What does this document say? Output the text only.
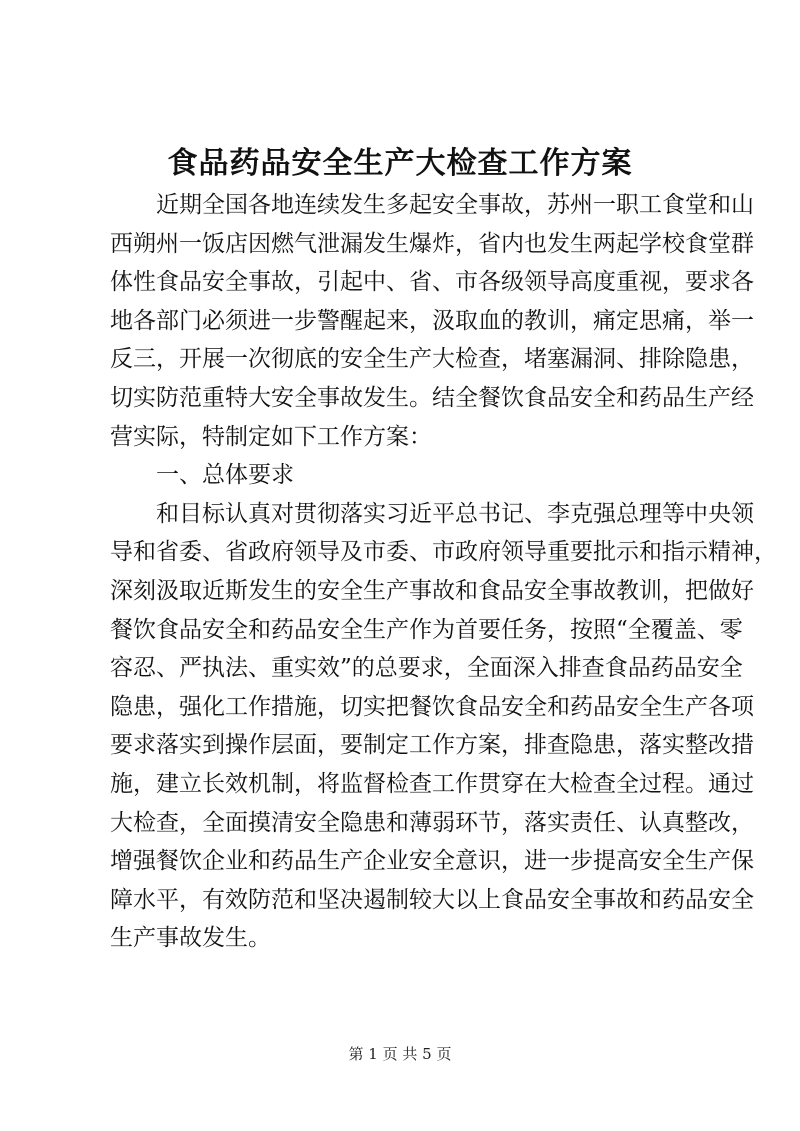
食品药品安全生产大检查工作方案
近期全国各地连续发生多起安全事故，苏州一职工食堂和山
西朔州一饭店因燃气泄漏发生爆炸，省内也发生两起学校食堂群
体性食品安全事故，引起中、省、市各级领导高度重视，要求各
地各部门必须进一步警醒起来，汲取血的教训，痛定思痛，举一
反三，开展一次彻底的安全生产大检查，堵塞漏洞、排除隐患，
切实防范重特大安全事故发生。结全餐饮食品安全和药品生产经
营实际，特制定如下工作方案：
一、总体要求
和目标认真对贯彻落实习近平总书记、李克强总理等中央领
导和省委、省政府领导及市委、市政府领导重要批示和指示精神，
深刻汲取近斯发生的安全生产事故和食品安全事故教训，把做好
餐饮食品安全和药品安全生产作为首要任务，按照“全覆盖、零
容忍、严执法、重实效”的总要求，全面深入排查食品药品安全
隐患，强化工作措施，切实把餐饮食品安全和药品安全生产各项
要求落实到操作层面，要制定工作方案，排查隐患，落实整改措
施，建立长效机制，将监督检查工作贯穿在大检查全过程。通过
大检查，全面摸清安全隐患和薄弱环节，落实责任、认真整改，
增强餐饮企业和药品生产企业安全意识，进一步提高安全生产保
障水平，有效防范和坚决遏制较大以上食品安全事故和药品安全
生产事故发生。
第 1 页 共 5 页
